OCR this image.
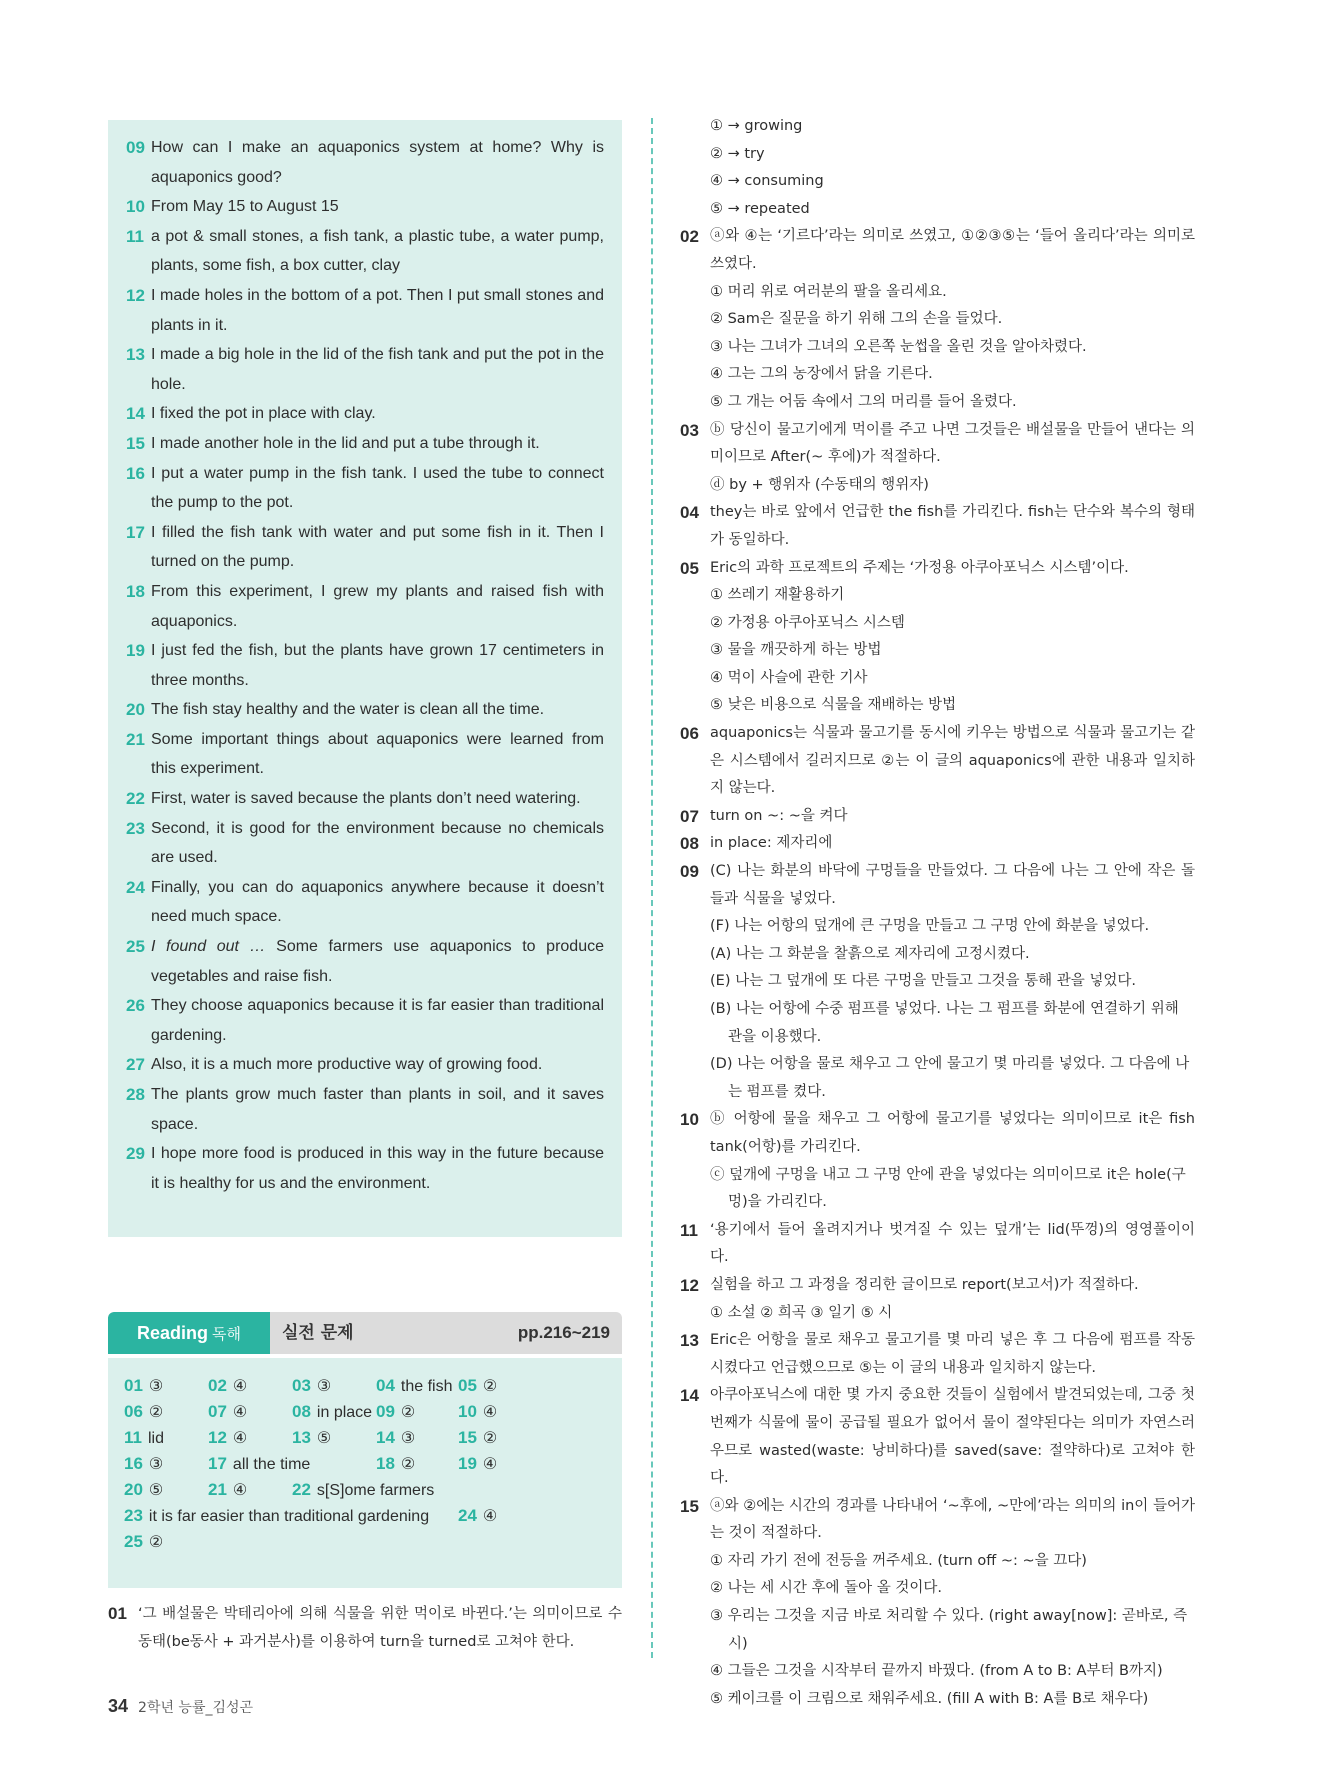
09 How can I make an aquaponics system at home? Why is aquaponics good?
10 From May 15 to August 15
11 a pot & small stones, a fish tank, a plastic tube, a water pump, plants, some fish, a box cutter, clay
12 I made holes in the bottom of a pot. Then I put small stones and plants in it.
13 I made a big hole in the lid of the fish tank and put the pot in the hole.
14 I fixed the pot in place with clay.
15 I made another hole in the lid and put a tube through it.
16 I put a water pump in the fish tank. I used the tube to connect the pump to the pot.
17 I filled the fish tank with water and put some fish in it. Then I turned on the pump.
18 From this experiment, I grew my plants and raised fish with aquaponics.
19 I just fed the fish, but the plants have grown 17 centimeters in three months.
20 The fish stay healthy and the water is clean all the time.
21 Some important things about aquaponics were learned from this experiment.
22 First, water is saved because the plants don’t need watering.
23 Second, it is good for the environment because no chemicals are used.
24 Finally, you can do aquaponics anywhere because it doesn’t need much space.
25 I found out … Some farmers use aquaponics to produce vegetables and raise fish.
26 They choose aquaponics because it is far easier than traditional gardening.
27 Also, it is a much more productive way of growing food.
28 The plants grow much faster than plants in soil, and it saves space.
29 I hope more food is produced in this way in the future because it is healthy for us and the environment.
Reading 독해	실전 문제	pp.216~219
01 ③	02 ④	03 ③	04 the fish 05 ②
06 ②	07 ④	08 in place 09 ②	10 ④
11 lid	12 ④	13 ⑤	14 ③	15 ②
16 ③	17 all the time	18 ②	19 ④
20 ⑤	21 ④	22 s[S]ome farmers
23 it is far easier than traditional gardening 24 ④
25 ②
01 ‘그 배설물은 박테리아에 의해 식물을 위한 먹이로 바뀐다.’는 의미이므로 수동태(be동사 + 과거분사)를 이용하여 turn을 turned로 고쳐야 한다.
① → growing
② → try
④ → consuming
⑤ → repeated
02 ⓐ와 ④는 ‘기르다’라는 의미로 쓰였고, ①②③⑤는 ‘들어 올리다’라는 의미로 쓰였다.
① 머리 위로 여러분의 팔을 올리세요.
② Sam은 질문을 하기 위해 그의 손을 들었다.
③ 나는 그녀가 그녀의 오른쪽 눈썹을 올린 것을 알아차렸다.
④ 그는 그의 농장에서 닭을 기른다.
⑤ 그 개는 어둠 속에서 그의 머리를 들어 올렸다.
03 ⓑ 당신이 물고기에게 먹이를 주고 나면 그것들은 배설물을 만들어 낸다는 의미이므로 After(~ 후에)가 적절하다.
ⓓ by + 행위자 (수동태의 행위자)
04 they는 바로 앞에서 언급한 the fish를 가리킨다. fish는 단수와 복수의 형태가 동일하다.
05 Eric의 과학 프로젝트의 주제는 ‘가정용 아쿠아포닉스 시스템’이다.
① 쓰레기 재활용하기
② 가정용 아쿠아포닉스 시스템
③ 물을 깨끗하게 하는 방법
④ 먹이 사슬에 관한 기사
⑤ 낮은 비용으로 식물을 재배하는 방법
06 aquaponics는 식물과 물고기를 동시에 키우는 방법으로 식물과 물고기는 같은 시스템에서 길러지므로 ②는 이 글의 aquaponics에 관한 내용과 일치하지 않는다.
07 turn on ~: ~을 켜다
08 in place: 제자리에
09 (C) 나는 화분의 바닥에 구멍들을 만들었다. 그 다음에 나는 그 안에 작은 돌들과 식물을 넣었다.
(F) 나는 어항의 덮개에 큰 구멍을 만들고 그 구멍 안에 화분을 넣었다.
(A) 나는 그 화분을 찰흙으로 제자리에 고정시켰다.
(E) 나는 그 덮개에 또 다른 구멍을 만들고 그것을 통해 관을 넣었다.
(B) 나는 어항에 수중 펌프를 넣었다. 나는 그 펌프를 화분에 연결하기 위해 관을 이용했다.
(D) 나는 어항을 물로 채우고 그 안에 물고기 몇 마리를 넣었다. 그 다음에 나는 펌프를 켰다.
10 ⓑ 어항에 물을 채우고 그 어항에 물고기를 넣었다는 의미이므로 it은 fish tank(어항)를 가리킨다.
ⓒ 덮개에 구멍을 내고 그 구멍 안에 관을 넣었다는 의미이므로 it은 hole(구멍)을 가리킨다.
11 ‘용기에서 들어 올려지거나 벗겨질 수 있는 덮개’는 lid(뚜껑)의 영영풀이이다.
12 실험을 하고 그 과정을 정리한 글이므로 report(보고서)가 적절하다.
① 소설 ② 희곡 ③ 일기 ⑤ 시
13 Eric은 어항을 물로 채우고 물고기를 몇 마리 넣은 후 그 다음에 펌프를 작동시켰다고 언급했으므로 ⑤는 이 글의 내용과 일치하지 않는다.
14 아쿠아포닉스에 대한 몇 가지 중요한 것들이 실험에서 발견되었는데, 그중 첫 번째가 식물에 물이 공급될 필요가 없어서 물이 절약된다는 의미가 자연스러우므로 wasted(waste: 낭비하다)를 saved(save: 절약하다)로 고쳐야 한다.
15 ⓐ와 ②에는 시간의 경과를 나타내어 ‘~후에, ~만에’라는 의미의 in이 들어가는 것이 적절하다.
① 자리 가기 전에 전등을 꺼주세요. (turn off ~: ~을 끄다)
② 나는 세 시간 후에 돌아 올 것이다.
③ 우리는 그것을 지금 바로 처리할 수 있다. (right away[now]: 곧바로, 즉시)
④ 그들은 그것을 시작부터 끝까지 바꿨다. (from A to B: A부터 B까지)
⑤ 케이크를 이 크림으로 채워주세요. (fill A with B: A를 B로 채우다)
34 2학년 능률_김성곤
